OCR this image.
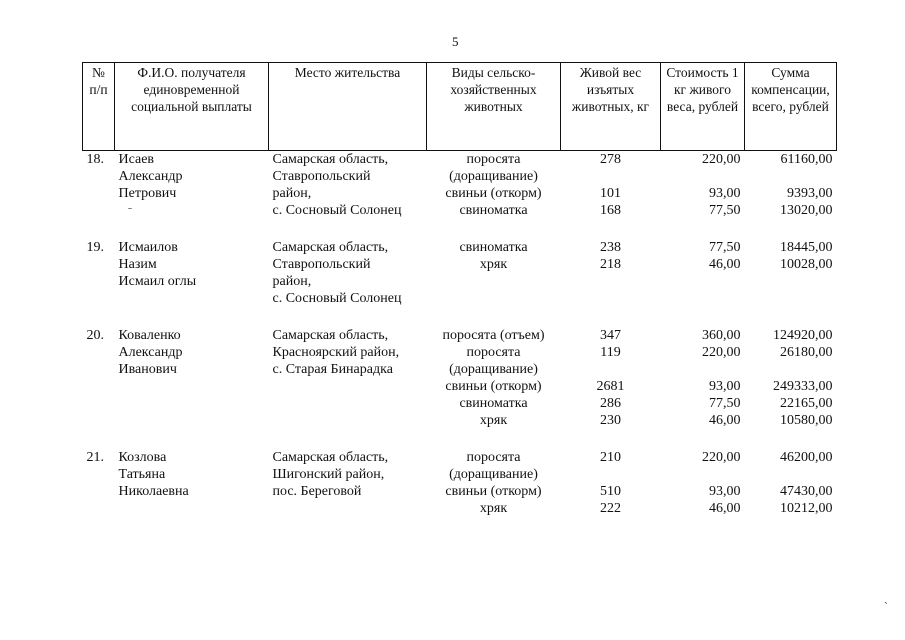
5
№ п/п	Ф.И.О. получателя единовременной социальной выплаты	Место жительства	Виды сельско-хозяйственных животных	Живой вес изъятых животных, кг	Стоимость 1 кг живого веса, рублей	Сумма компенсации, всего, рублей
18.	Исаев	Самарская область,	поросята	278	220,00	61160,00
	Александр	Ставропольский	(доращивание)			
	Петрович	район,	свиньи (откорм)	101	93,00	9393,00
		с. Сосновый Солонец	свиноматка	168	77,50	13020,00

19.	Исмаилов	Самарская область,	свиноматка	238	77,50	18445,00
	Назим	Ставропольский	хряк	218	46,00	10028,00
	Исмаил оглы	район,				
		с. Сосновый Солонец				

20.	Коваленко	Самарская область,	поросята (отъем)	347	360,00	124920,00
	Александр	Красноярский район,	поросята	119	220,00	26180,00
	Иванович	с. Старая Бинарадка	(доращивание)			
			свиньи (откорм)	2681	93,00	249333,00
			свиноматка	286	77,50	22165,00
			хряк	230	46,00	10580,00

21.	Козлова	Самарская область,	поросята	210	220,00	46200,00
	Татьяна	Шигонский район,	(доращивание)			
	Николаевна	пос. Береговой	свиньи (откорм)	510	93,00	47430,00
			хряк	222	46,00	10212,00
ˉ
˴
